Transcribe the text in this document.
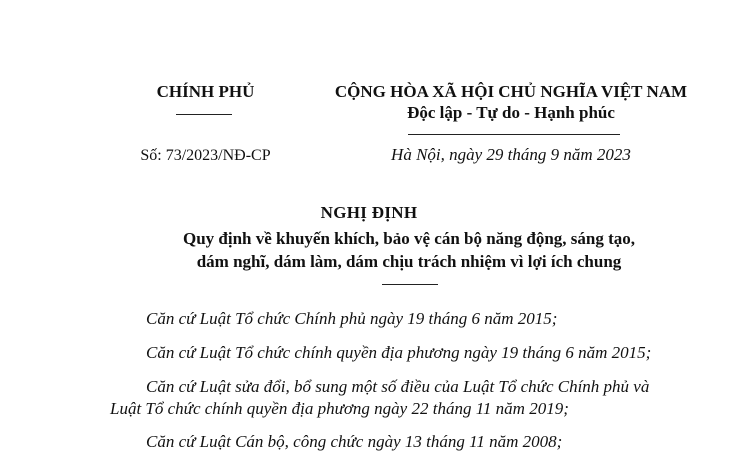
CHÍNH PHỦ	CỘNG HÒA XÃ HỘI CHỦ NGHĨA VIỆT NAM
Độc lập - Tự do - Hạnh phúc
Số: 73/2023/NĐ-CP	Hà Nội, ngày 29 tháng 9 năm 2023
NGHỊ ĐỊNH
Quy định về khuyến khích, bảo vệ cán bộ năng động, sáng tạo,
dám nghĩ, dám làm, dám chịu trách nhiệm vì lợi ích chung
Căn cứ Luật Tổ chức Chính phủ ngày 19 tháng 6 năm 2015;
Căn cứ Luật Tổ chức chính quyền địa phương ngày 19 tháng 6 năm 2015;
Căn cứ Luật sửa đổi, bổ sung một số điều của Luật Tổ chức Chính phủ và
Luật Tổ chức chính quyền địa phương ngày 22 tháng 11 năm 2019;
Căn cứ Luật Cán bộ, công chức ngày 13 tháng 11 năm 2008;
